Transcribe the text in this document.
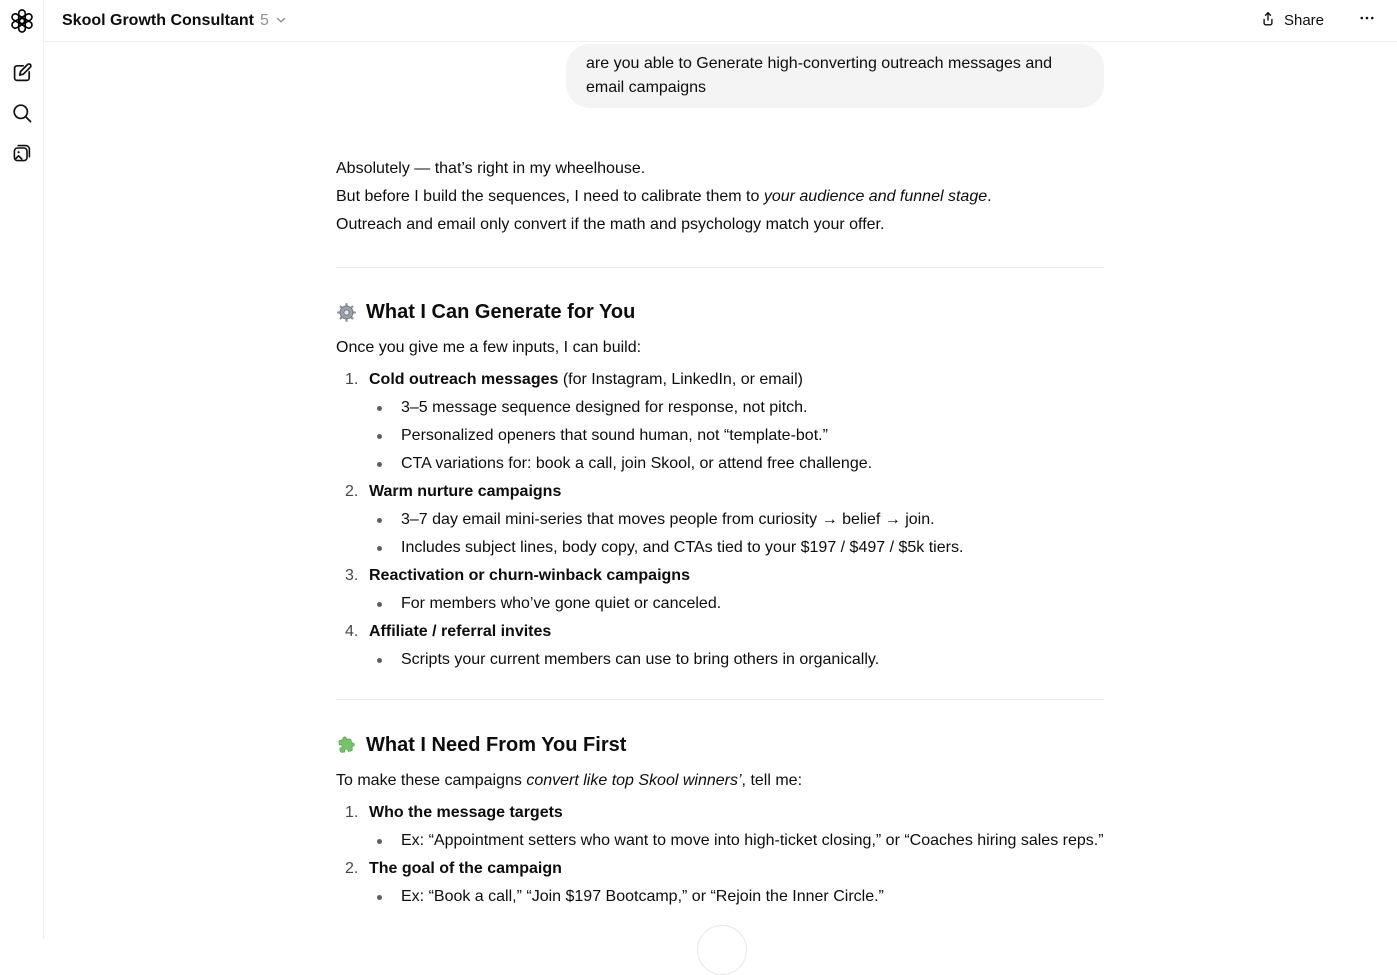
Skool Growth Consultant 5	Share
are you able to Generate high-converting outreach messages and email campaigns

Absolutely — that’s right in my wheelhouse.
But before I build the sequences, I need to calibrate them to your audience and funnel stage.
Outreach and email only convert if the math and psychology match your offer.

What I Can Generate for You

Once you give me a few inputs, I can build:

1. Cold outreach messages (for Instagram, LinkedIn, or email)

3–5 message sequence designed for response, not pitch.

Personalized openers that sound human, not “template-bot.”

CTA variations for: book a call, join Skool, or attend free challenge.

2. Warm nurture campaigns

3–7 day email mini-series that moves people from curiosity → belief → join.

Includes subject lines, body copy, and CTAs tied to your $197 / $497 / $5k tiers.

3. Reactivation or churn-winback campaigns

For members who’ve gone quiet or canceled.

4. Affiliate / referral invites

Scripts your current members can use to bring others in organically.

What I Need From You First

To make these campaigns convert like top Skool winners’, tell me:

1. Who the message targets

Ex: “Appointment setters who want to move into high-ticket closing,” or “Coaches hiring sales reps.”

2. The goal of the campaign

Ex: “Book a call,” “Join $197 Bootcamp,” or “Rejoin the Inner Circle.”
